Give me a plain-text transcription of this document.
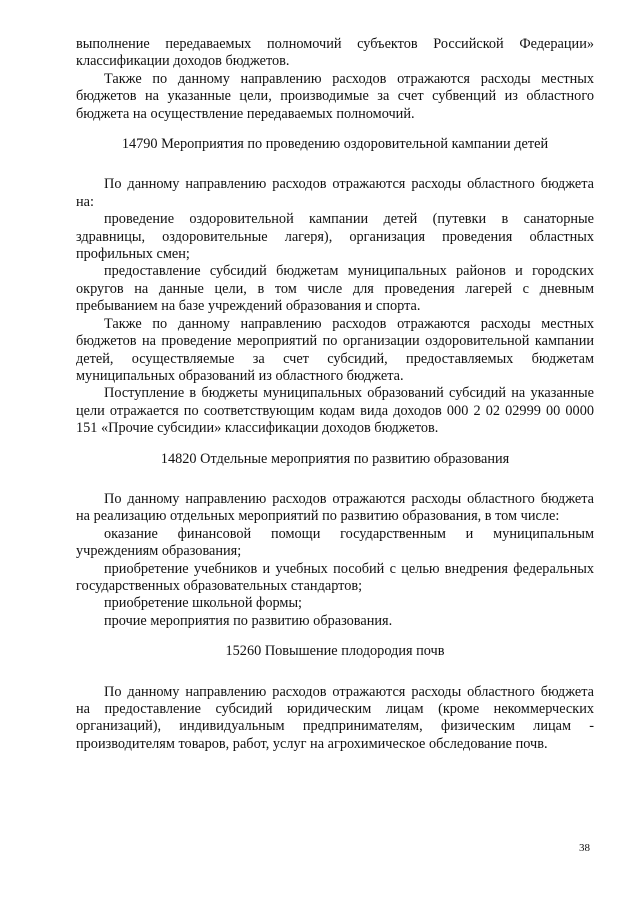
выполнение передаваемых полномочий субъектов Российской Федерации» классификации доходов бюджетов.

Также по данному направлению расходов отражаются расходы местных бюджетов на указанные цели, производимые за счет субвенций из областного бюджета на осуществление передаваемых полномочий.

14790 Мероприятия по проведению оздоровительной кампании детей

По данному направлению расходов отражаются расходы областного бюджета на:

проведение оздоровительной кампании детей (путевки в санаторные здравницы, оздоровительные лагеря), организация проведения областных профильных смен;

предоставление субсидий бюджетам муниципальных районов и городских округов на данные цели, в том числе для проведения лагерей с дневным пребыванием на базе учреждений образования и спорта.

Также по данному направлению расходов отражаются расходы местных бюджетов на проведение мероприятий по организации оздоровительной кампании детей, осуществляемые за счет субсидий, предоставляемых бюджетам муниципальных образований из областного бюджета.

Поступление в бюджеты муниципальных образований субсидий на указанные цели отражается по соответствующим кодам вида доходов 000 2 02 02999 00 0000 151 «Прочие субсидии» классификации доходов бюджетов.

14820 Отдельные мероприятия по развитию образования

По данному направлению расходов отражаются расходы областного бюджета на реализацию отдельных мероприятий по развитию образования, в том числе:

оказание финансовой помощи государственным и муниципальным учреждениям образования;

приобретение учебников и учебных пособий с целью внедрения федеральных государственных образовательных стандартов;

приобретение школьной формы;

прочие мероприятия по развитию образования.

15260 Повышение плодородия почв

По данному направлению расходов отражаются расходы областного бюджета на предоставление субсидий юридическим лицам (кроме некоммерческих организаций), индивидуальным предпринимателям, физическим лицам - производителям товаров, работ, услуг на агрохимическое обследование почв.

38
